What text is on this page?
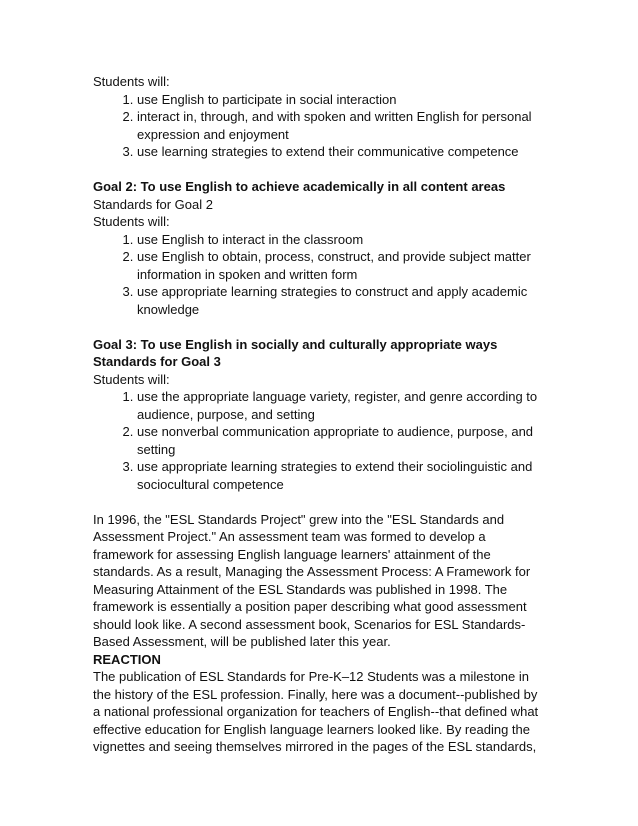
Students will:

1. use English to participate in social interaction
2. interact in, through, and with spoken and written English for personal expression and enjoyment
3. use learning strategies to extend their communicative competence

Goal 2: To use English to achieve academically in all content areas

Standards for Goal 2

Students will:

1. use English to interact in the classroom
2. use English to obtain, process, construct, and provide subject matter information in spoken and written form
3. use appropriate learning strategies to construct and apply academic knowledge

Goal 3: To use English in socially and culturally appropriate ways

Standards for Goal 3

Students will:

1. use the appropriate language variety, register, and genre according to audience, purpose, and setting
2. use nonverbal communication appropriate to audience, purpose, and setting
3. use appropriate learning strategies to extend their sociolinguistic and sociocultural competence

In 1996, the "ESL Standards Project" grew into the "ESL Standards and Assessment Project." An assessment team was formed to develop a framework for assessing English language learners' attainment of the standards. As a result, Managing the Assessment Process: A Framework for Measuring Attainment of the ESL Standards was published in 1998. The framework is essentially a position paper describing what good assessment should look like. A second assessment book, Scenarios for ESL Standards-Based Assessment, will be published later this year.

REACTION

The publication of ESL Standards for Pre-K–12 Students was a milestone in the history of the ESL profession. Finally, here was a document--published by a national professional organization for teachers of English--that defined what effective education for English language learners looked like. By reading the vignettes and seeing themselves mirrored in the pages of the ESL standards,
